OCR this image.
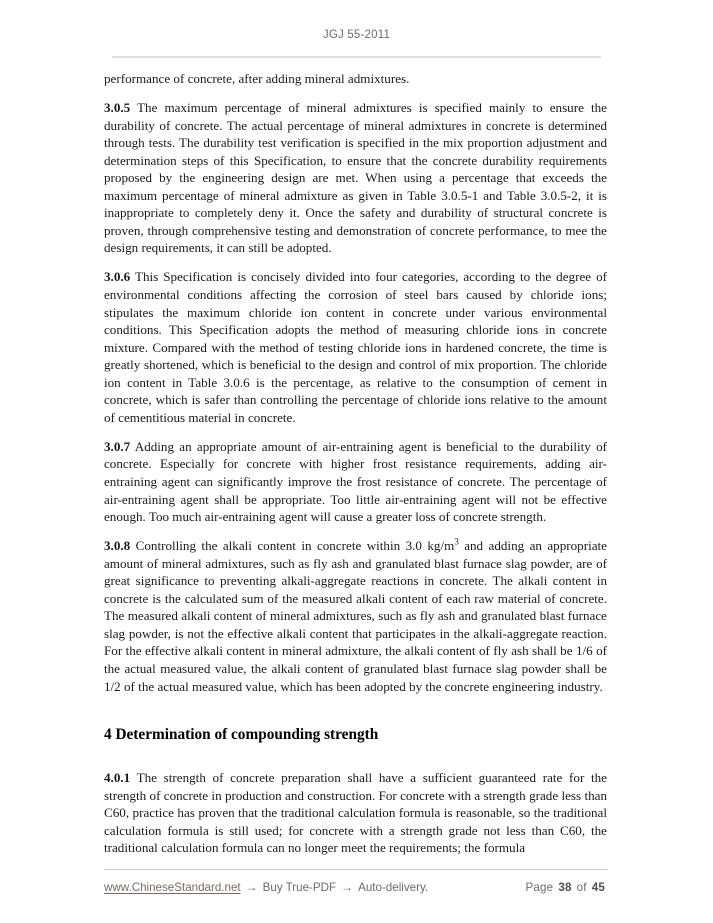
JGJ 55-2011

performance of concrete, after adding mineral admixtures.

3.0.5 The maximum percentage of mineral admixtures is specified mainly to ensure the durability of concrete. The actual percentage of mineral admixtures in concrete is determined through tests. The durability test verification is specified in the mix proportion adjustment and determination steps of this Specification, to ensure that the concrete durability requirements proposed by the engineering design are met. When using a percentage that exceeds the maximum percentage of mineral admixture as given in Table 3.0.5-1 and Table 3.0.5-2, it is inappropriate to completely deny it. Once the safety and durability of structural concrete is proven, through comprehensive testing and demonstration of concrete performance, to mee the design requirements, it can still be adopted.

3.0.6 This Specification is concisely divided into four categories, according to the degree of environmental conditions affecting the corrosion of steel bars caused by chloride ions; stipulates the maximum chloride ion content in concrete under various environmental conditions. This Specification adopts the method of measuring chloride ions in concrete mixture. Compared with the method of testing chloride ions in hardened concrete, the time is greatly shortened, which is beneficial to the design and control of mix proportion. The chloride ion content in Table 3.0.6 is the percentage, as relative to the consumption of cement in concrete, which is safer than controlling the percentage of chloride ions relative to the amount of cementitious material in concrete.

3.0.7 Adding an appropriate amount of air-entraining agent is beneficial to the durability of concrete. Especially for concrete with higher frost resistance requirements, adding air-entraining agent can significantly improve the frost resistance of concrete. The percentage of air-entraining agent shall be appropriate. Too little air-entraining agent will not be effective enough. Too much air-entraining agent will cause a greater loss of concrete strength.

3.0.8 Controlling the alkali content in concrete within 3.0 $kg/m^3$ and adding an appropriate amount of mineral admixtures, such as fly ash and granulated blast furnace slag powder, are of great significance to preventing alkali-aggregate reactions in concrete. The alkali content in concrete is the calculated sum of the measured alkali content of each raw material of concrete. The measured alkali content of mineral admixtures, such as fly ash and granulated blast furnace slag powder, is not the effective alkali content that participates in the alkali-aggregate reaction. For the effective alkali content in mineral admixture, the alkali content of fly ash shall be 1/6 of the actual measured value, the alkali content of granulated blast furnace slag powder shall be 1/2 of the actual measured value, which has been adopted by the concrete engineering industry.

4 Determination of compounding strength

4.0.1 The strength of concrete preparation shall have a sufficient guaranteed rate for the strength of concrete in production and construction. For concrete with a strength grade less than C60, practice has proven that the traditional calculation formula is reasonable, so the traditional calculation formula is still used; for concrete with a strength grade not less than C60, the traditional calculation formula can no longer meet the requirements; the formula

www.ChineseStandard.net → Buy True-PDF → Auto-delivery.	Page 38 of 45
